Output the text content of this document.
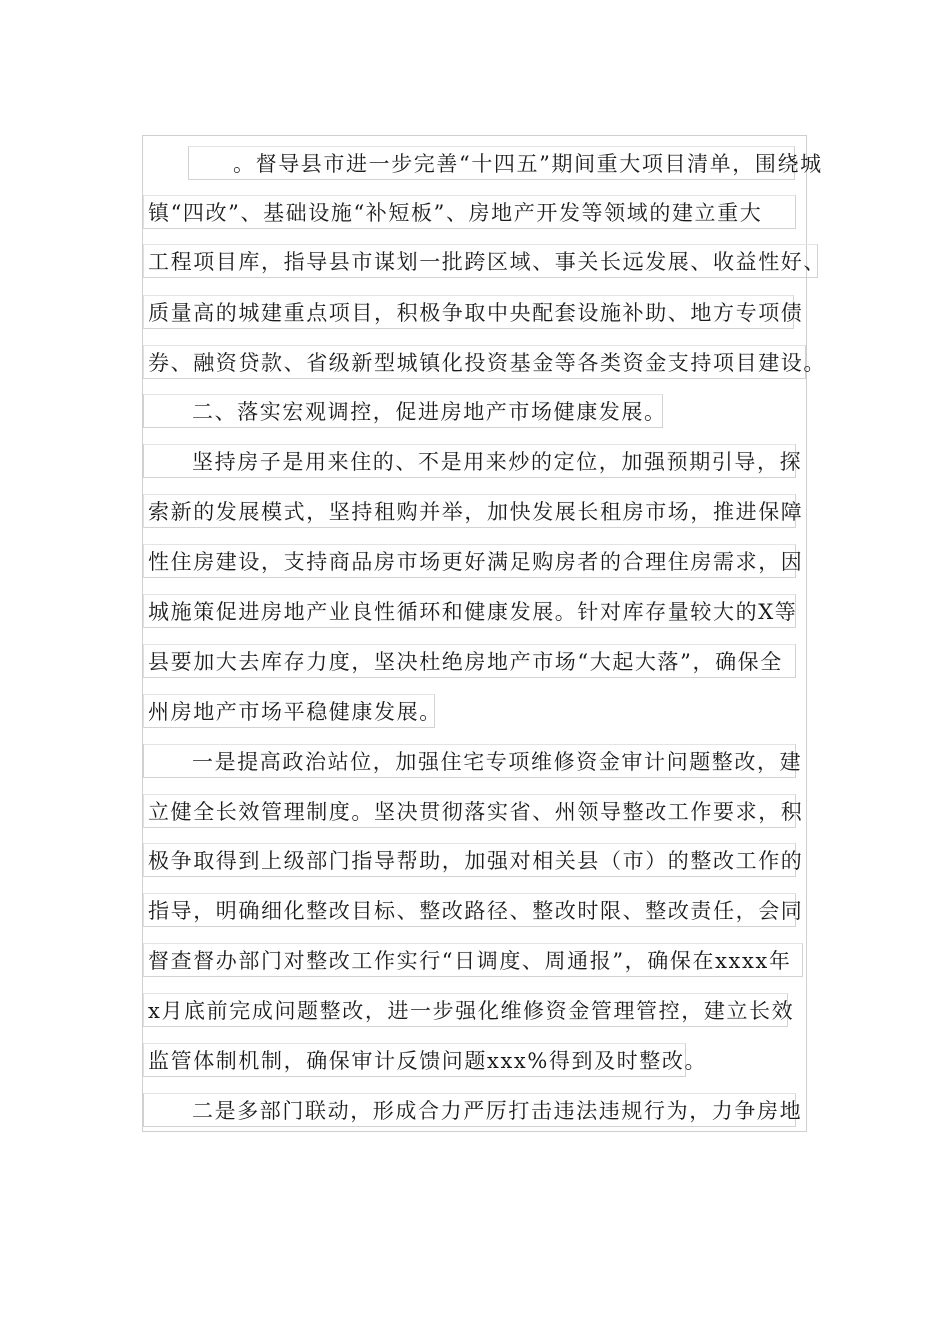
。督导县市进一步完善“十四五”期间重大项目清单，围绕城
镇“四改”、基础设施“补短板”、房地产开发等领域的建立重大
工程项目库，指导县市谋划一批跨区域、事关长远发展、收益性好、
质量高的城建重点项目，积极争取中央配套设施补助、地方专项债
券、融资贷款、省级新型城镇化投资基金等各类资金支持项目建设。
二、落实宏观调控，促进房地产市场健康发展。
坚持房子是用来住的、不是用来炒的定位，加强预期引导，探
索新的发展模式，坚持租购并举，加快发展长租房市场，推进保障
性住房建设，支持商品房市场更好满足购房者的合理住房需求，因
城施策促进房地产业良性循环和健康发展。针对库存量较大的X等
县要加大去库存力度，坚决杜绝房地产市场“大起大落”，确保全
州房地产市场平稳健康发展。
一是提高政治站位，加强住宅专项维修资金审计问题整改，建
立健全长效管理制度。坚决贯彻落实省、州领导整改工作要求，积
极争取得到上级部门指导帮助，加强对相关县（市）的整改工作的
指导，明确细化整改目标、整改路径、整改时限、整改责任，会同
督查督办部门对整改工作实行“日调度、周通报”，确保在xxxx年
x月底前完成问题整改，进一步强化维修资金管理管控，建立长效
监管体制机制，确保审计反馈问题xxx%得到及时整改。
二是多部门联动，形成合力严厉打击违法违规行为，力争房地
